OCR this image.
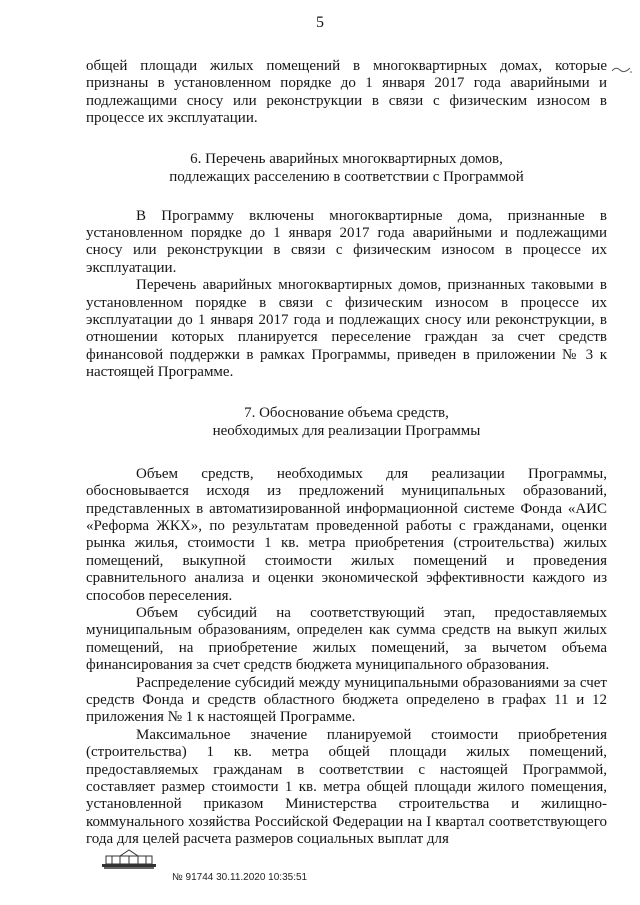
5

общей площади жилых помещений в многоквартирных домах, которые признаны в установленном порядке до 1 января 2017 года аварийными и подлежащими сносу или реконструкции в связи с физическим износом в процессе их эксплуатации.

6. Перечень аварийных многоквартирных домов,
подлежащих расселению в соответствии с Программой

В Программу включены многоквартирные дома, признанные в установленном порядке до 1 января 2017 года аварийными и подлежащими сносу или реконструкции в связи с физическим износом в процессе их эксплуатации.

Перечень аварийных многоквартирных домов, признанных таковыми в установленном порядке в связи с физическим износом в процессе их эксплуатации до 1 января 2017 года и подлежащих сносу или реконструкции, в отношении которых планируется переселение граждан за счет средств финансовой поддержки в рамках Программы, приведен в приложении № 3 к настоящей Программе.

7. Обоснование объема средств,
необходимых для реализации Программы

Объем средств, необходимых для реализации Программы, обосновывается исходя из предложений муниципальных образований, представленных в автоматизированной информационной системе Фонда «АИС «Реформа ЖКХ», по результатам проведенной работы с гражданами, оценки рынка жилья, стоимости 1 кв. метра приобретения (строительства) жилых помещений, выкупной стоимости жилых помещений и проведения сравнительного анализа и оценки экономической эффективности каждого из способов переселения.

Объем субсидий на соответствующий этап, предоставляемых муниципальным образованиям, определен как сумма средств на выкуп жилых помещений, на приобретение жилых помещений, за вычетом объема финансирования за счет средств бюджета муниципального образования.

Распределение субсидий между муниципальными образованиями за счет средств Фонда и средств областного бюджета определено в графах 11 и 12 приложения № 1 к настоящей Программе.

Максимальное значение планируемой стоимости приобретения (строительства) 1 кв. метра общей площади жилых помещений, предоставляемых гражданам в соответствии с настоящей Программой, составляет размер стоимости 1 кв. метра общей площади жилого помещения, установленной приказом Министерства строительства и жилищно-коммунального хозяйства Российской Федерации на I квартал соответствующего года для целей расчета размеров социальных выплат для

№ 91744 30.11.2020 10:35:51
